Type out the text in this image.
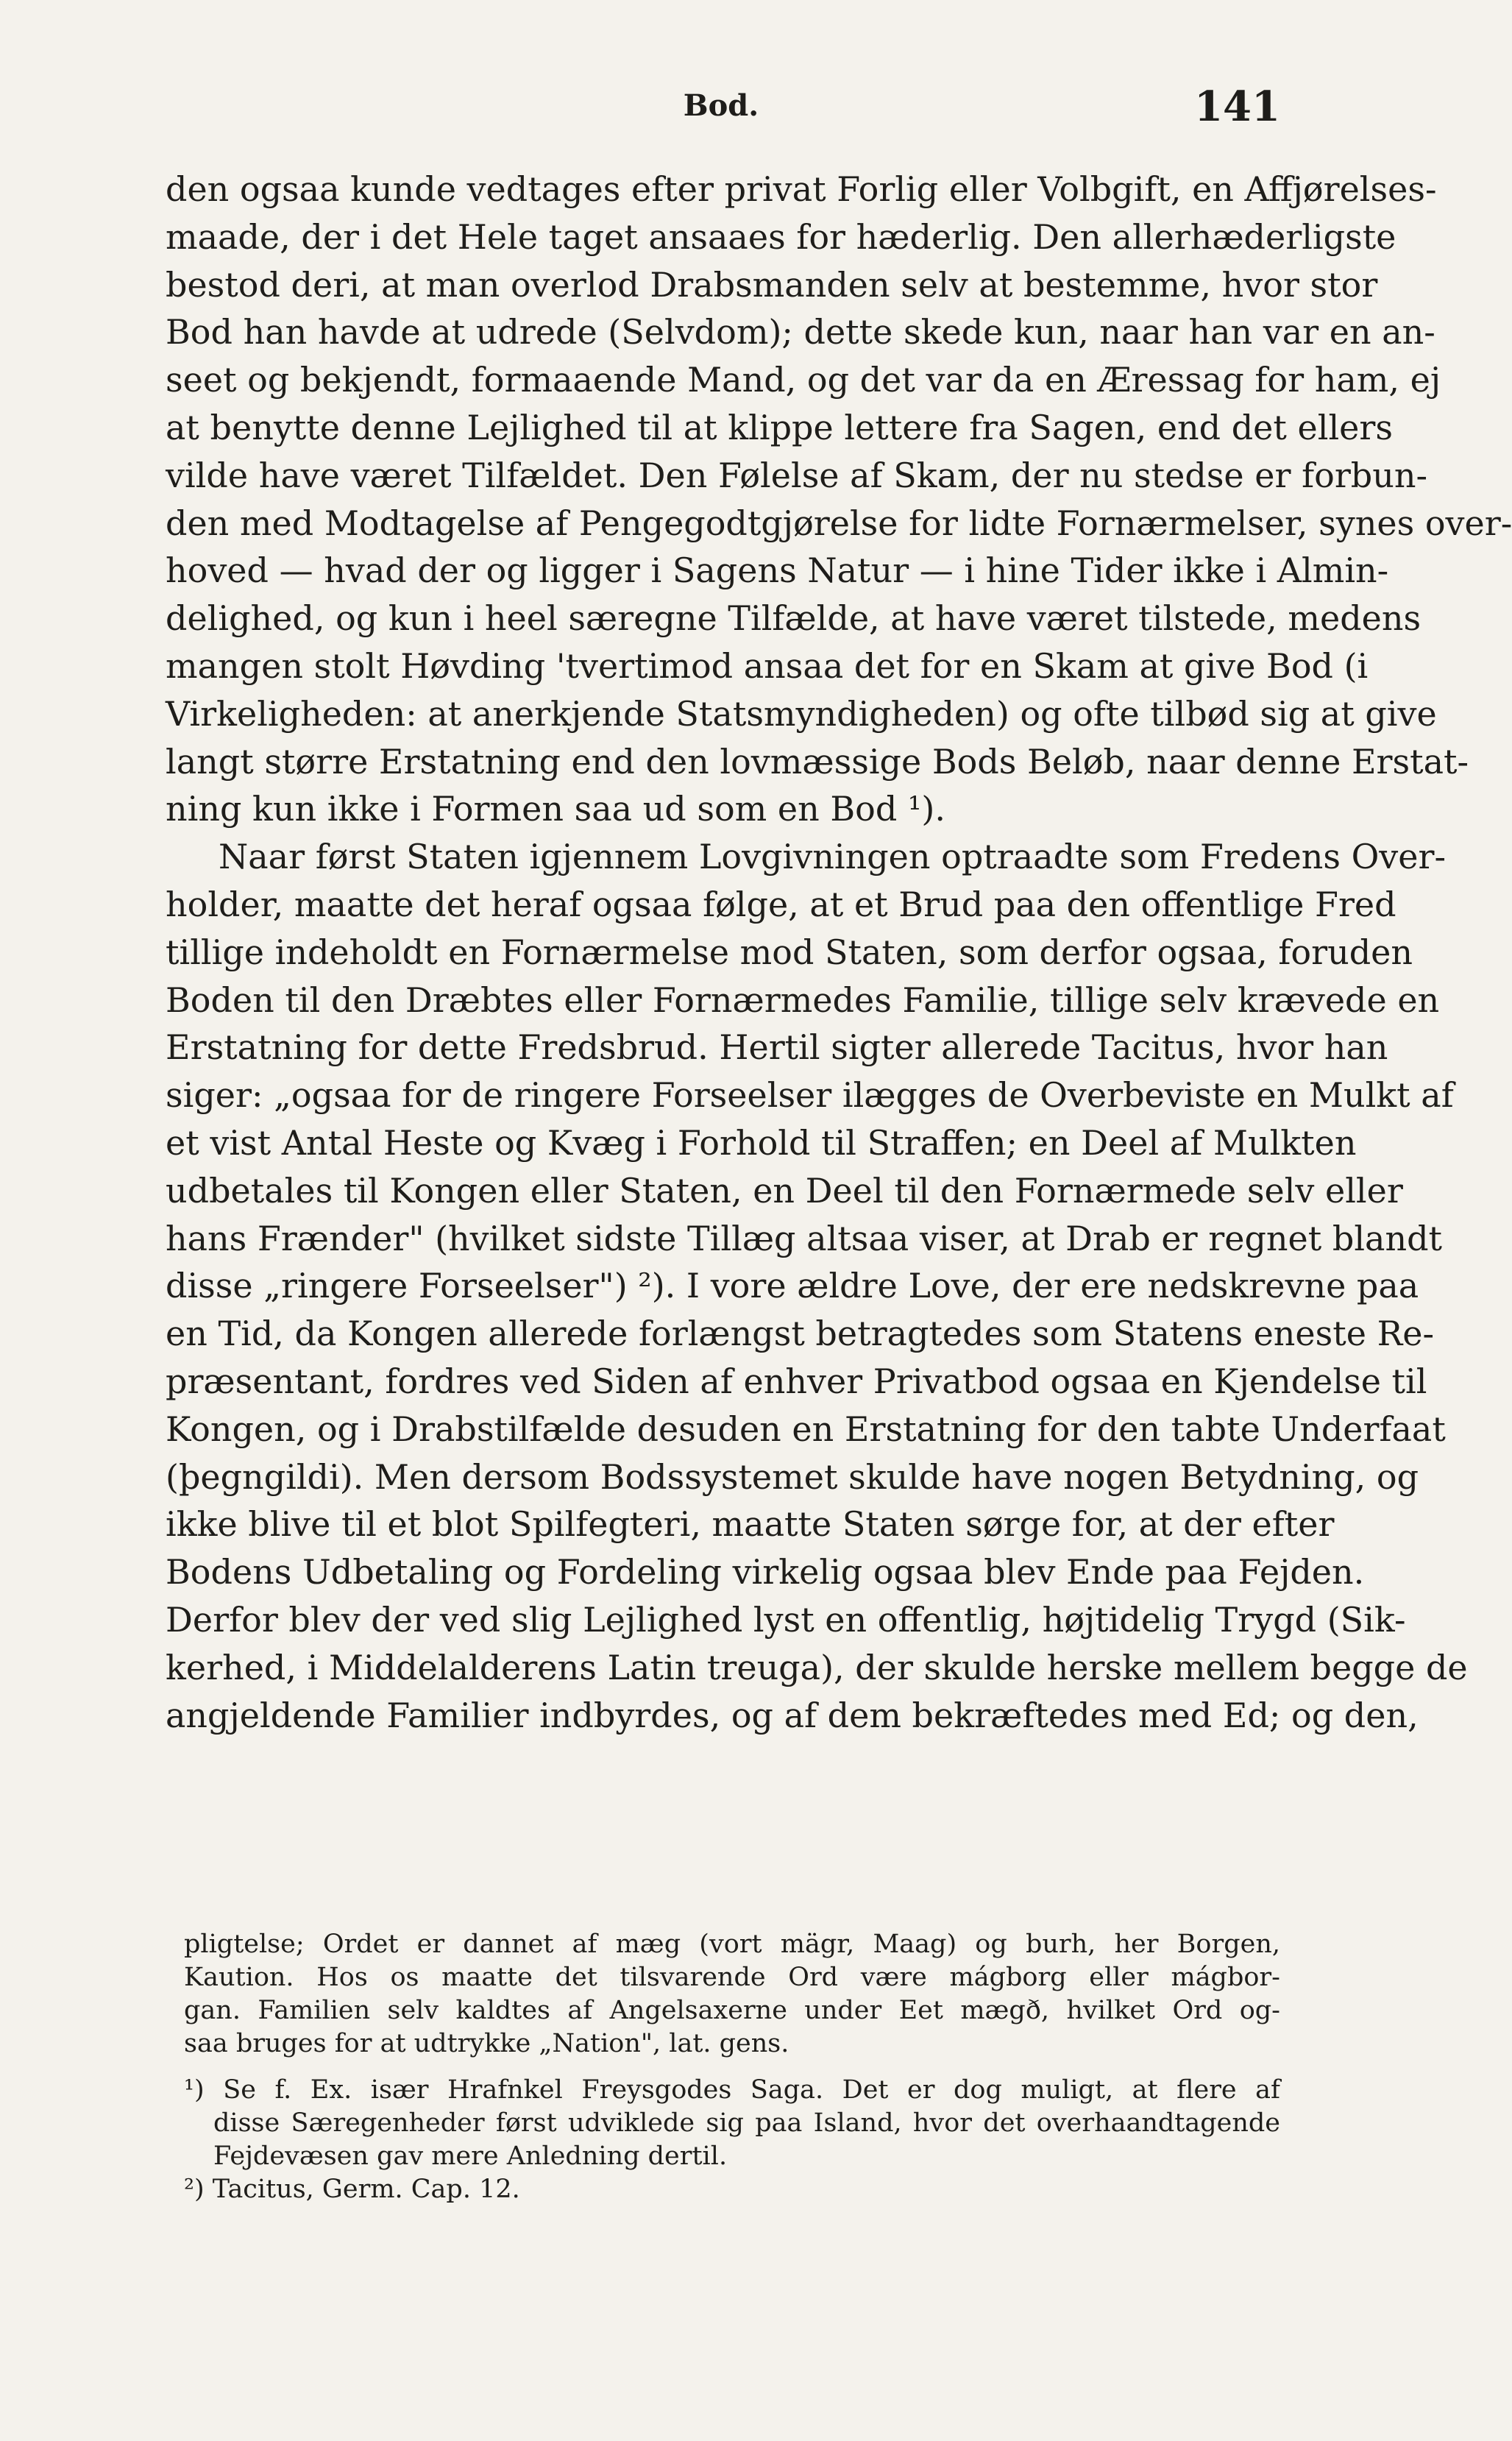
Bod.	141
den ogsaa kunde vedtages efter privat Forlig eller Volbgift, en Affjørelses-
maade, der i det Hele taget ansaaes for hæderlig. Den allerhæderligste
bestod deri, at man overlod Drabsmanden selv at bestemme, hvor stor
Bod han havde at udrede (Selvdom); dette skede kun, naar han var en an-
seet og bekjendt, formaaende Mand, og det var da en Æressag for ham, ej
at benytte denne Lejlighed til at klippe lettere fra Sagen, end det ellers
vilde have været Tilfældet. Den Følelse af Skam, der nu stedse er forbun-
den med Modtagelse af Pengegodtgjørelse for lidte Fornærmelser, synes over-
hoved — hvad der og ligger i Sagens Natur — i hine Tider ikke i Almin-
delighed, og kun i heel særegne Tilfælde, at have været tilstede, medens
mangen stolt Høvding 'tvertimod ansaa det for en Skam at give Bod (i
Virkeligheden: at anerkjende Statsmyndigheden) og ofte tilbød sig at give
langt større Erstatning end den lovmæssige Bods Beløb, naar denne Erstat-
ning kun ikke i Formen saa ud som en Bod ¹).
Naar først Staten igjennem Lovgivningen optraadte som Fredens Over-
holder, maatte det heraf ogsaa følge, at et Brud paa den offentlige Fred
tillige indeholdt en Fornærmelse mod Staten, som derfor ogsaa, foruden
Boden til den Dræbtes eller Fornærmedes Familie, tillige selv krævede en
Erstatning for dette Fredsbrud. Hertil sigter allerede Tacitus, hvor han
siger: „ogsaa for de ringere Forseelser ilægges de Overbeviste en Mulkt af
et vist Antal Heste og Kvæg i Forhold til Straffen; en Deel af Mulkten
udbetales til Kongen eller Staten, en Deel til den Fornærmede selv eller
hans Frænder" (hvilket sidste Tillæg altsaa viser, at Drab er regnet blandt
disse „ringere Forseelser") ²). I vore ældre Love, der ere nedskrevne paa
en Tid, da Kongen allerede forlængst betragtedes som Statens eneste Re-
præsentant, fordres ved Siden af enhver Privatbod ogsaa en Kjendelse til
Kongen, og i Drabstilfælde desuden en Erstatning for den tabte Underfaat
(þegngildi). Men dersom Bodssystemet skulde have nogen Betydning, og
ikke blive til et blot Spilfegteri, maatte Staten sørge for, at der efter
Bodens Udbetaling og Fordeling virkelig ogsaa blev Ende paa Fejden.
Derfor blev der ved slig Lejlighed lyst en offentlig, højtidelig Trygd (Sik-
kerhed, i Middelalderens Latin treuga), der skulde herske mellem begge de
angjeldende Familier indbyrdes, og af dem bekræftedes med Ed; og den,
pligtelse; Ordet er dannet af mæg (vort mägr, Maag) og burh, her Borgen,
Kaution. Hos os maatte det tilsvarende Ord være mágborg eller mágbor-
gan. Familien selv kaldtes af Angelsaxerne under Eet mægð, hvilket Ord og-
saa bruges for at udtrykke „Nation", lat. gens.
¹) Se f. Ex. især Hrafnkel Freysgodes Saga. Det er dog muligt, at flere af
disse Særegenheder først udviklede sig paa Island, hvor det overhaandtagende
Fejdevæsen gav mere Anledning dertil.
²) Tacitus, Germ. Cap. 12.
